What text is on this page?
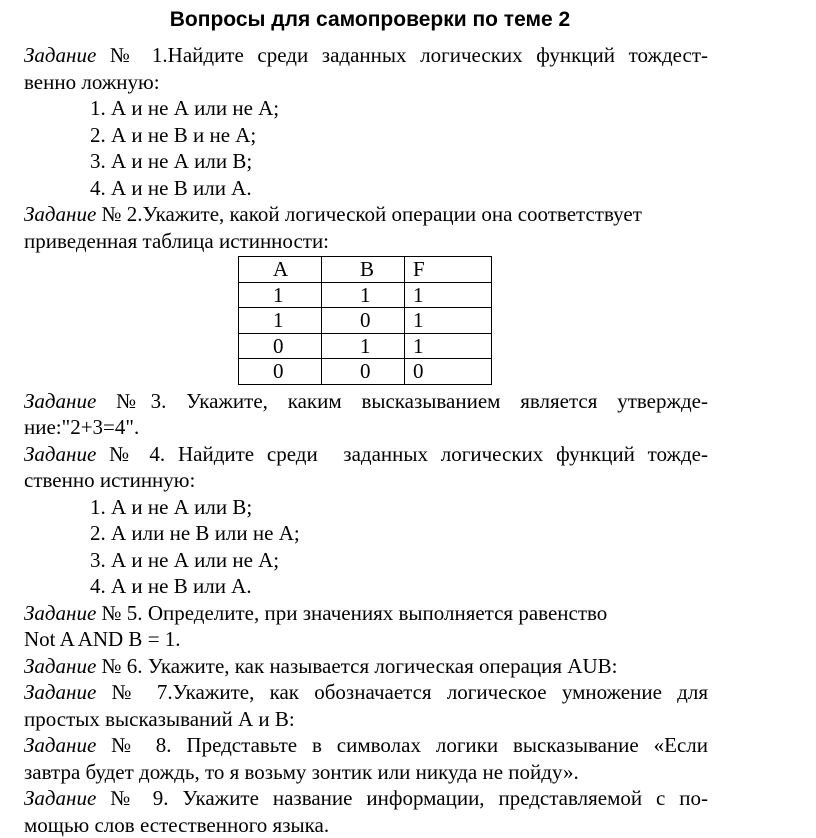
Вопросы для самопроверки по теме 2

Задание № 1.Найдите среди заданных логических функций тождест-

венно ложную:

1. А и не А или не А;

2. А и не В и не А;

3. А и не А или В;

4. А и не В или А.

Задание № 2.Укажите, какой логической операции она соответствует

приведенная таблица истинности:

А	В	F
1	1	1
1	0	1
0	1	1
0	0	0

Задание №3. Укажите, каким высказыванием является утвержде-

ние:"2+3=4".

Задание № 4. Найдите среди  заданных логических функций тожде-

ственно истинную:

1. А и не А или В;

2. А или не В или не А;

3. А и не А или не А;

4. А и не В или А.

Задание № 5. Определите, при значениях выполняется равенство

Not A AND B = 1.

Задание № 6. Укажите, как называется логическая операция АUВ:

Задание № 7.Укажите, как обозначается логическое умножение для

простых высказываний А и В:

Задание № 8. Представьте в символах логики высказывание «Если

завтра будет дождь, то я возьму зонтик или никуда не пойду».

Задание № 9. Укажите название информации, представляемой с по-

мощью слов естественного языка.
